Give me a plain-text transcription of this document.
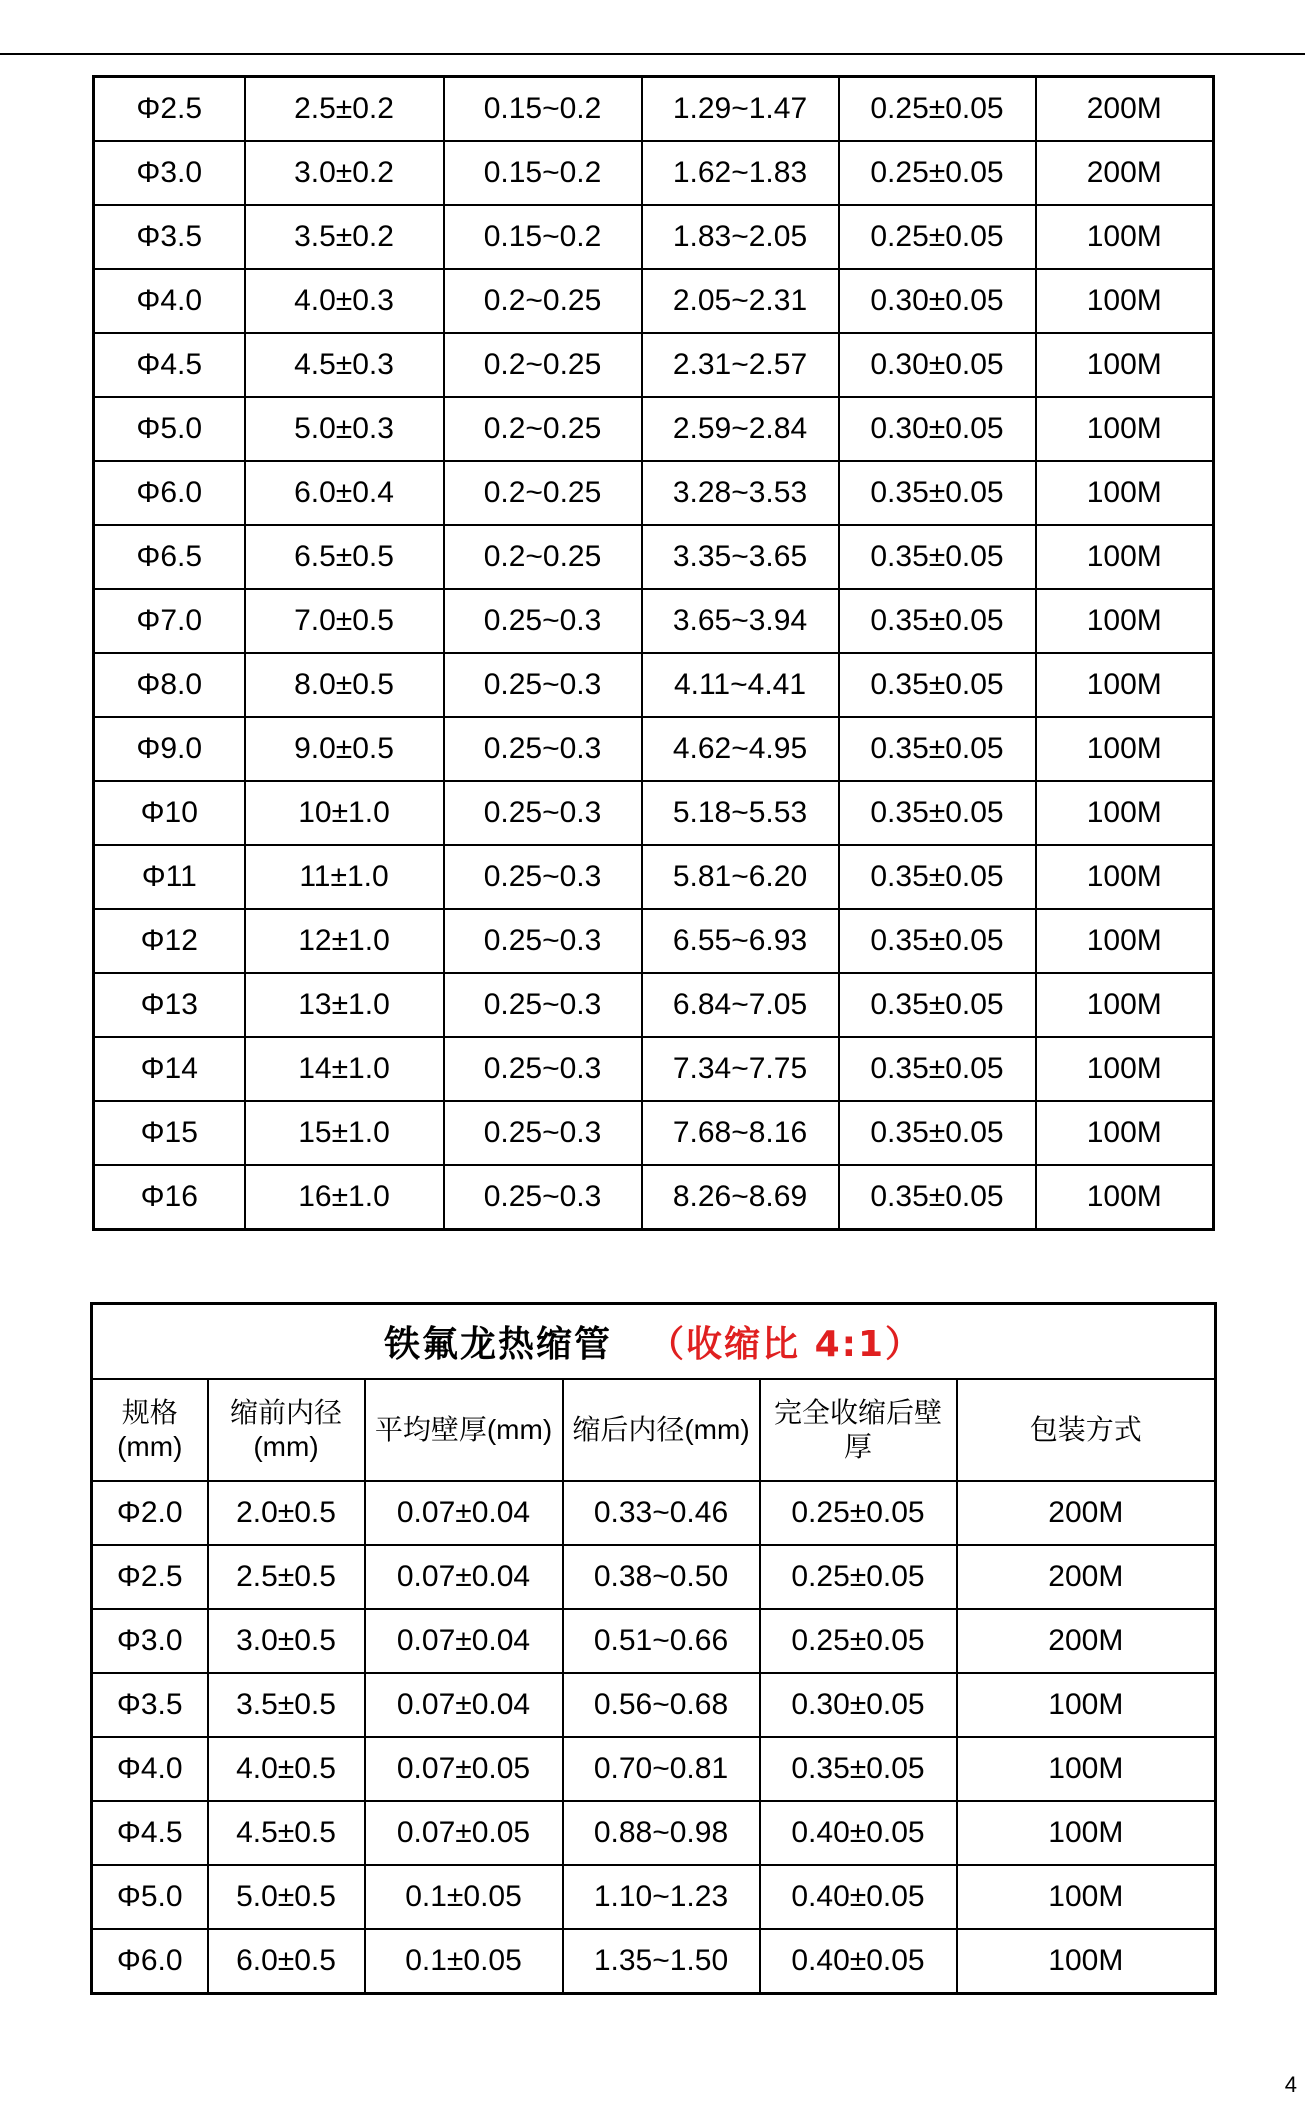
Φ2.5	2.5±0.2	0.15~0.2	1.29~1.47	0.25±0.05	200M
Φ3.0	3.0±0.2	0.15~0.2	1.62~1.83	0.25±0.05	200M
Φ3.5	3.5±0.2	0.15~0.2	1.83~2.05	0.25±0.05	100M
Φ4.0	4.0±0.3	0.2~0.25	2.05~2.31	0.30±0.05	100M
Φ4.5	4.5±0.3	0.2~0.25	2.31~2.57	0.30±0.05	100M
Φ5.0	5.0±0.3	0.2~0.25	2.59~2.84	0.30±0.05	100M
Φ6.0	6.0±0.4	0.2~0.25	3.28~3.53	0.35±0.05	100M
Φ6.5	6.5±0.5	0.2~0.25	3.35~3.65	0.35±0.05	100M
Φ7.0	7.0±0.5	0.25~0.3	3.65~3.94	0.35±0.05	100M
Φ8.0	8.0±0.5	0.25~0.3	4.11~4.41	0.35±0.05	100M
Φ9.0	9.0±0.5	0.25~0.3	4.62~4.95	0.35±0.05	100M
Φ10	10±1.0	0.25~0.3	5.18~5.53	0.35±0.05	100M
Φ11	11±1.0	0.25~0.3	5.81~6.20	0.35±0.05	100M
Φ12	12±1.0	0.25~0.3	6.55~6.93	0.35±0.05	100M
Φ13	13±1.0	0.25~0.3	6.84~7.05	0.35±0.05	100M
Φ14	14±1.0	0.25~0.3	7.34~7.75	0.35±0.05	100M
Φ15	15±1.0	0.25~0.3	7.68~8.16	0.35±0.05	100M
Φ16	16±1.0	0.25~0.3	8.26~8.69	0.35±0.05	100M
铁氟龙热缩管 （收缩比 4:1）					
规格(mm)	缩前内径(mm)	平均壁厚(mm)	缩后内径(mm)	完全收缩后壁厚	包装方式
Φ2.0	2.0±0.5	0.07±0.04	0.33~0.46	0.25±0.05	200M
Φ2.5	2.5±0.5	0.07±0.04	0.38~0.50	0.25±0.05	200M
Φ3.0	3.0±0.5	0.07±0.04	0.51~0.66	0.25±0.05	200M
Φ3.5	3.5±0.5	0.07±0.04	0.56~0.68	0.30±0.05	100M
Φ4.0	4.0±0.5	0.07±0.05	0.70~0.81	0.35±0.05	100M
Φ4.5	4.5±0.5	0.07±0.05	0.88~0.98	0.40±0.05	100M
Φ5.0	5.0±0.5	0.1±0.05	1.10~1.23	0.40±0.05	100M
Φ6.0	6.0±0.5	0.1±0.05	1.35~1.50	0.40±0.05	100M
4
